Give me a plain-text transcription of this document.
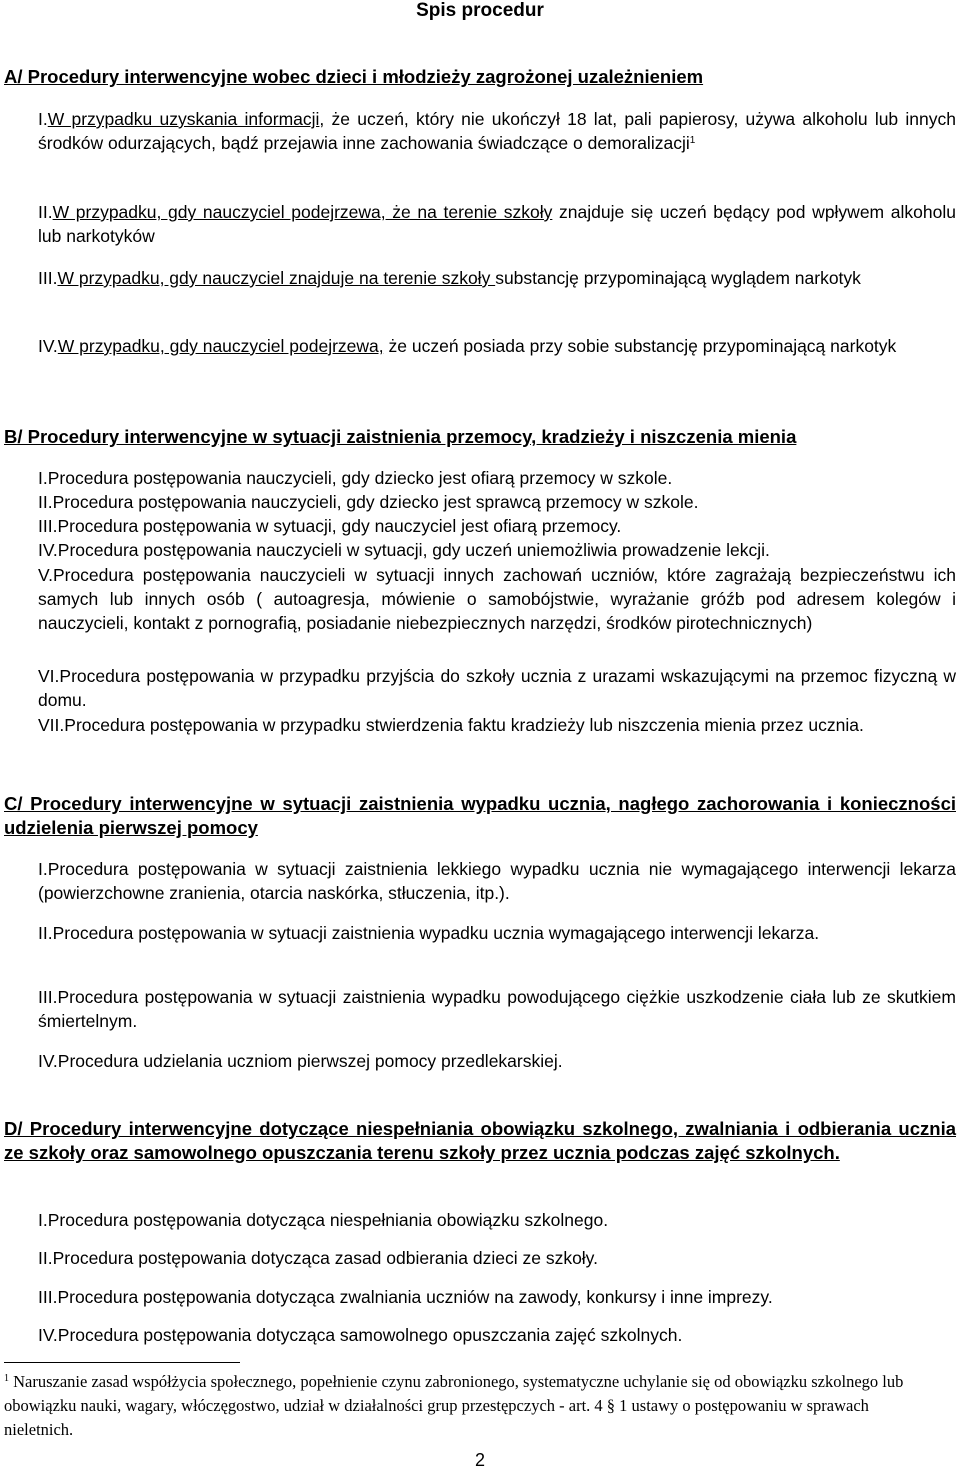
Spis procedur
A/ Procedury interwencyjne wobec dzieci i młodzieży zagrożonej uzależnieniem
I.W przypadku uzyskania informacji, że uczeń, który nie ukończył 18 lat, pali papierosy, używa alkoholu lub innych środków odurzających, bądź przejawia inne zachowania świadczące o demoralizacji$^1$
II.W przypadku, gdy nauczyciel podejrzewa, że na terenie szkoły znajduje się uczeń będący pod wpływem alkoholu lub narkotyków
III.W przypadku, gdy nauczyciel znajduje na terenie szkoły substancję przypominającą wyglądem narkotyk
IV.W przypadku, gdy nauczyciel podejrzewa, że uczeń posiada przy sobie substancję przypominającą narkotyk
B/ Procedury interwencyjne w sytuacji zaistnienia przemocy, kradzieży i niszczenia mienia
I.Procedura postępowania nauczycieli, gdy dziecko jest ofiarą przemocy w szkole.
II.Procedura postępowania nauczycieli, gdy dziecko jest sprawcą przemocy w szkole.
III.Procedura postępowania w sytuacji, gdy nauczyciel jest ofiarą przemocy.
IV.Procedura postępowania nauczycieli w sytuacji, gdy uczeń uniemożliwia prowadzenie lekcji.
V.Procedura postępowania nauczycieli w sytuacji innych zachowań uczniów, które zagrażają bezpieczeństwu ich samych lub innych osób ( autoagresja, mówienie o samobójstwie, wyrażanie gróźb pod adresem kolegów i nauczycieli, kontakt z pornografią, posiadanie niebezpiecznych narzędzi, środków pirotechnicznych)
VI.Procedura postępowania w przypadku przyjścia do szkoły ucznia z urazami wskazującymi na przemoc fizyczną w domu.
VII.Procedura postępowania w przypadku stwierdzenia faktu kradzieży lub niszczenia mienia przez ucznia.
C/ Procedury interwencyjne w sytuacji zaistnienia wypadku ucznia, nagłego zachorowania i konieczności udzielenia pierwszej pomocy
I.Procedura postępowania w sytuacji zaistnienia lekkiego wypadku ucznia nie wymagającego interwencji lekarza (powierzchowne zranienia, otarcia naskórka, stłuczenia, itp.).
II.Procedura postępowania w sytuacji zaistnienia wypadku ucznia wymagającego interwencji lekarza.
III.Procedura postępowania w sytuacji zaistnienia wypadku powodującego ciężkie uszkodzenie ciała lub ze skutkiem śmiertelnym.
IV.Procedura udzielania uczniom pierwszej pomocy przedlekarskiej.
D/ Procedury interwencyjne dotyczące niespełniania obowiązku szkolnego, zwalniania i odbierania ucznia ze szkoły oraz samowolnego opuszczania terenu szkoły przez ucznia podczas zajęć szkolnych.
I.Procedura postępowania dotycząca niespełniania obowiązku szkolnego.
II.Procedura postępowania dotycząca zasad odbierania dzieci ze szkoły.
III.Procedura postępowania dotycząca zwalniania uczniów na zawody, konkursy i inne imprezy.
IV.Procedura postępowania dotycząca samowolnego opuszczania zajęć szkolnych.
$^1$ Naruszanie zasad współżycia społecznego, popełnienie czynu zabronionego, systematyczne uchylanie się od obowiązku szkolnego lub obowiązku nauki, wagary, włóczęgostwo, udział w działalności grup przestępczych - art. 4 § 1 ustawy o postępowaniu w sprawach nieletnich.
2
